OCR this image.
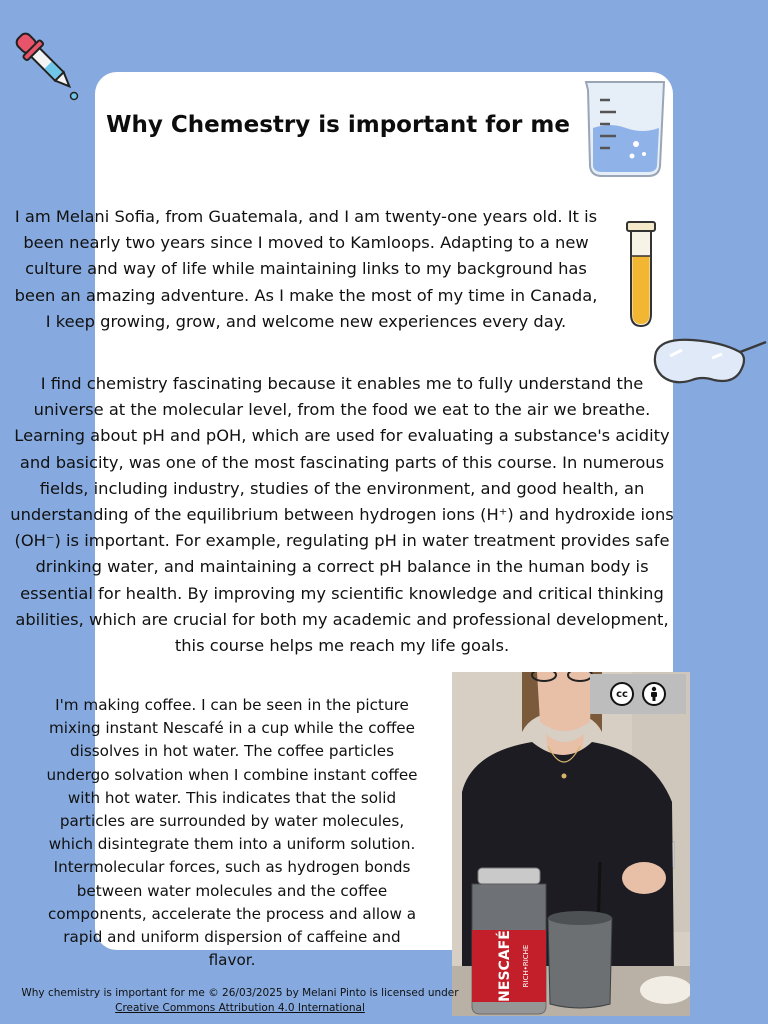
Why Chemestry is important for me

I am Melani Sofia, from Guatemala, and I am twenty-one years old. It is been nearly two years since I moved to Kamloops. Adapting to a new culture and way of life while maintaining links to my background has been an amazing adventure. As I make the most of my time in Canada, I keep growing, grow, and welcome new experiences every day.

I find chemistry fascinating because it enables me to fully understand the universe at the molecular level, from the food we eat to the air we breathe. Learning about pH and pOH, which are used for evaluating a substance's acidity and basicity, was one of the most fascinating parts of this course. In numerous fields, including industry, studies of the environment, and good health, an understanding of the equilibrium between hydrogen ions (H⁺) and hydroxide ions (OH⁻) is important. For example, regulating pH in water treatment provides safe drinking water, and maintaining a correct pH balance in the human body is essential for health. By improving my scientific knowledge and critical thinking abilities, which are crucial for both my academic and professional development, this course helps me reach my life goals.

I'm making coffee. I can be seen in the picture mixing instant Nescafé in a cup while the coffee dissolves in hot water. The coffee particles undergo solvation when I combine instant coffee with hot water. This indicates that the solid particles are surrounded by water molecules, which disintegrate them into a uniform solution. Intermolecular forces, such as hydrogen bonds between water molecules and the coffee components, accelerate the process and allow a rapid and uniform dispersion of caffeine and flavor.	NESCAFÉ RICH•RICHE
cc

Why chemistry is important for me © 26/03/2025 by Melani Pinto is licensed under Creative Commons Attribution 4.0 International
